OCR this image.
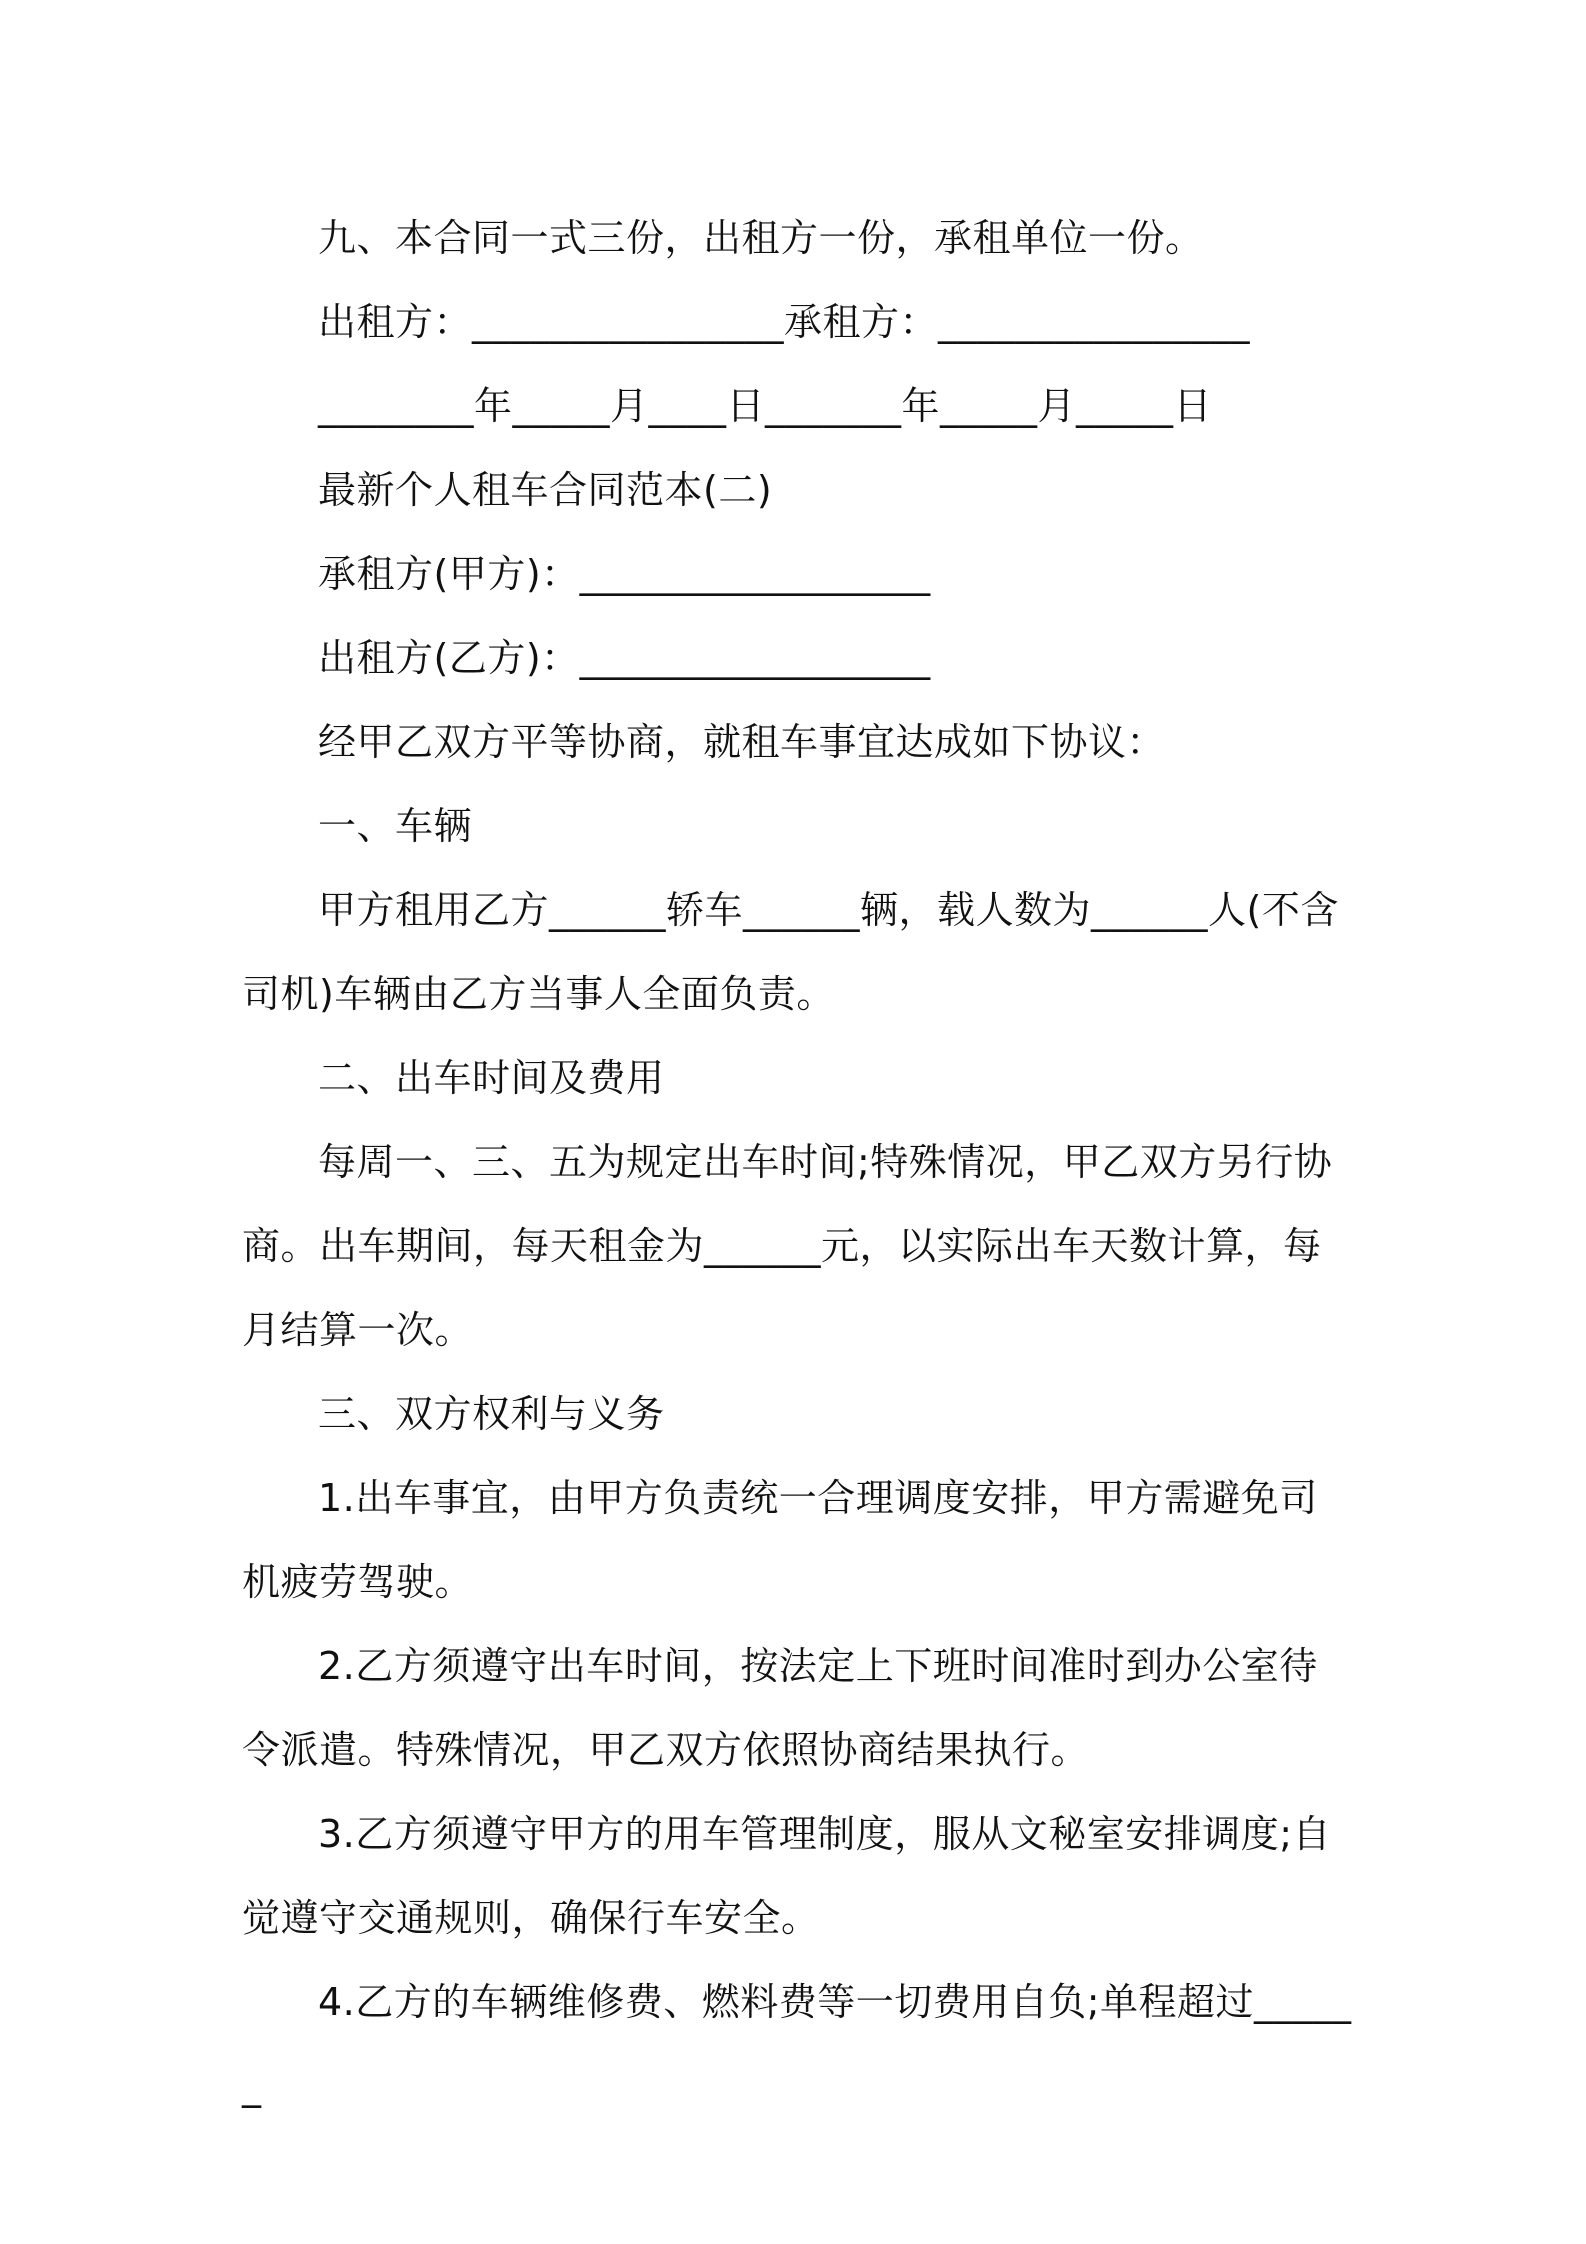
九、本合同一式三份，出租方一份，承租单位一份。
出租方：________________承租方：________________
________年_____月____日_______年_____月_____日
最新个人租车合同范本(二)
承租方(甲方)：__________________
出租方(乙方)：__________________
经甲乙双方平等协商，就租车事宜达成如下协议：
一、车辆
甲方租用乙方______轿车______辆，载人数为______人(不含司机)车辆由乙方当事人全面负责。
二、出车时间及费用
每周一、三、五为规定出车时间;特殊情况，甲乙双方另行协商。出车期间，每天租金为______元，以实际出车天数计算，每月结算一次。
三、双方权利与义务
1.出车事宜，由甲方负责统一合理调度安排，甲方需避免司机疲劳驾驶。
2.乙方须遵守出车时间，按法定上下班时间准时到办公室待令派遣。特殊情况，甲乙双方依照协商结果执行。
3.乙方须遵守甲方的用车管理制度，服从文秘室安排调度;自觉遵守交通规则，确保行车安全。
4.乙方的车辆维修费、燃料费等一切费用自负;单程超过______
